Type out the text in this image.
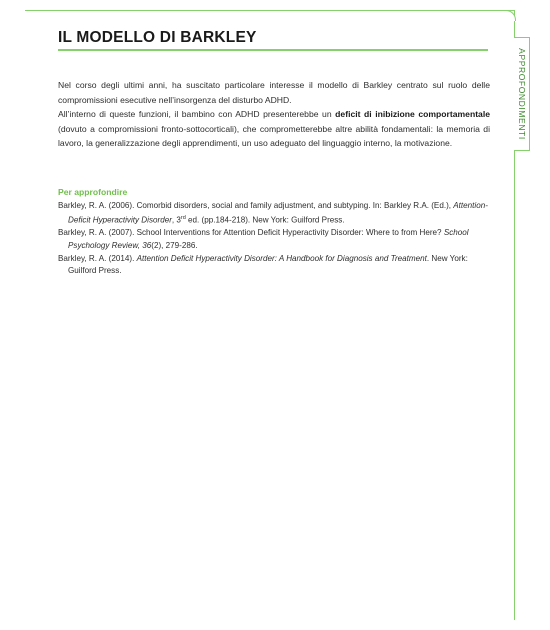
IL MODELLO DI BARKLEY
APPROFONDIMENTI

Nel corso degli ultimi anni, ha suscitato particolare interesse il modello di Barkley centrato sul ruolo delle compromissioni esecutive nell’insorgenza del disturbo ADHD.

All’interno di queste funzioni, il bambino con ADHD presenterebbe un deficit di inibizione comportamentale (dovuto a compromissioni fronto-sottocorticali), che comprometterebbe altre abilità fondamentali: la memoria di lavoro, la generalizzazione degli apprendimenti, un uso adeguato del linguaggio interno, la motivazione.

Per approfondire

Barkley, R. A. (2006). Comorbid disorders, social and family adjustment, and subtyping. In: Barkley R.A. (Ed.), Attention-Deficit Hyperactivity Disorder, 3rd ed. (pp.184-218). New York: Guilford Press.

Barkley, R. A. (2007). School Interventions for Attention Deficit Hyperactivity Disorder: Where to from Here? School Psychology Review, 36(2), 279-286.

Barkley, R. A. (2014). Attention Deficit Hyperactivity Disorder: A Handbook for Diagnosis and Treatment. New York: Guilford Press.
